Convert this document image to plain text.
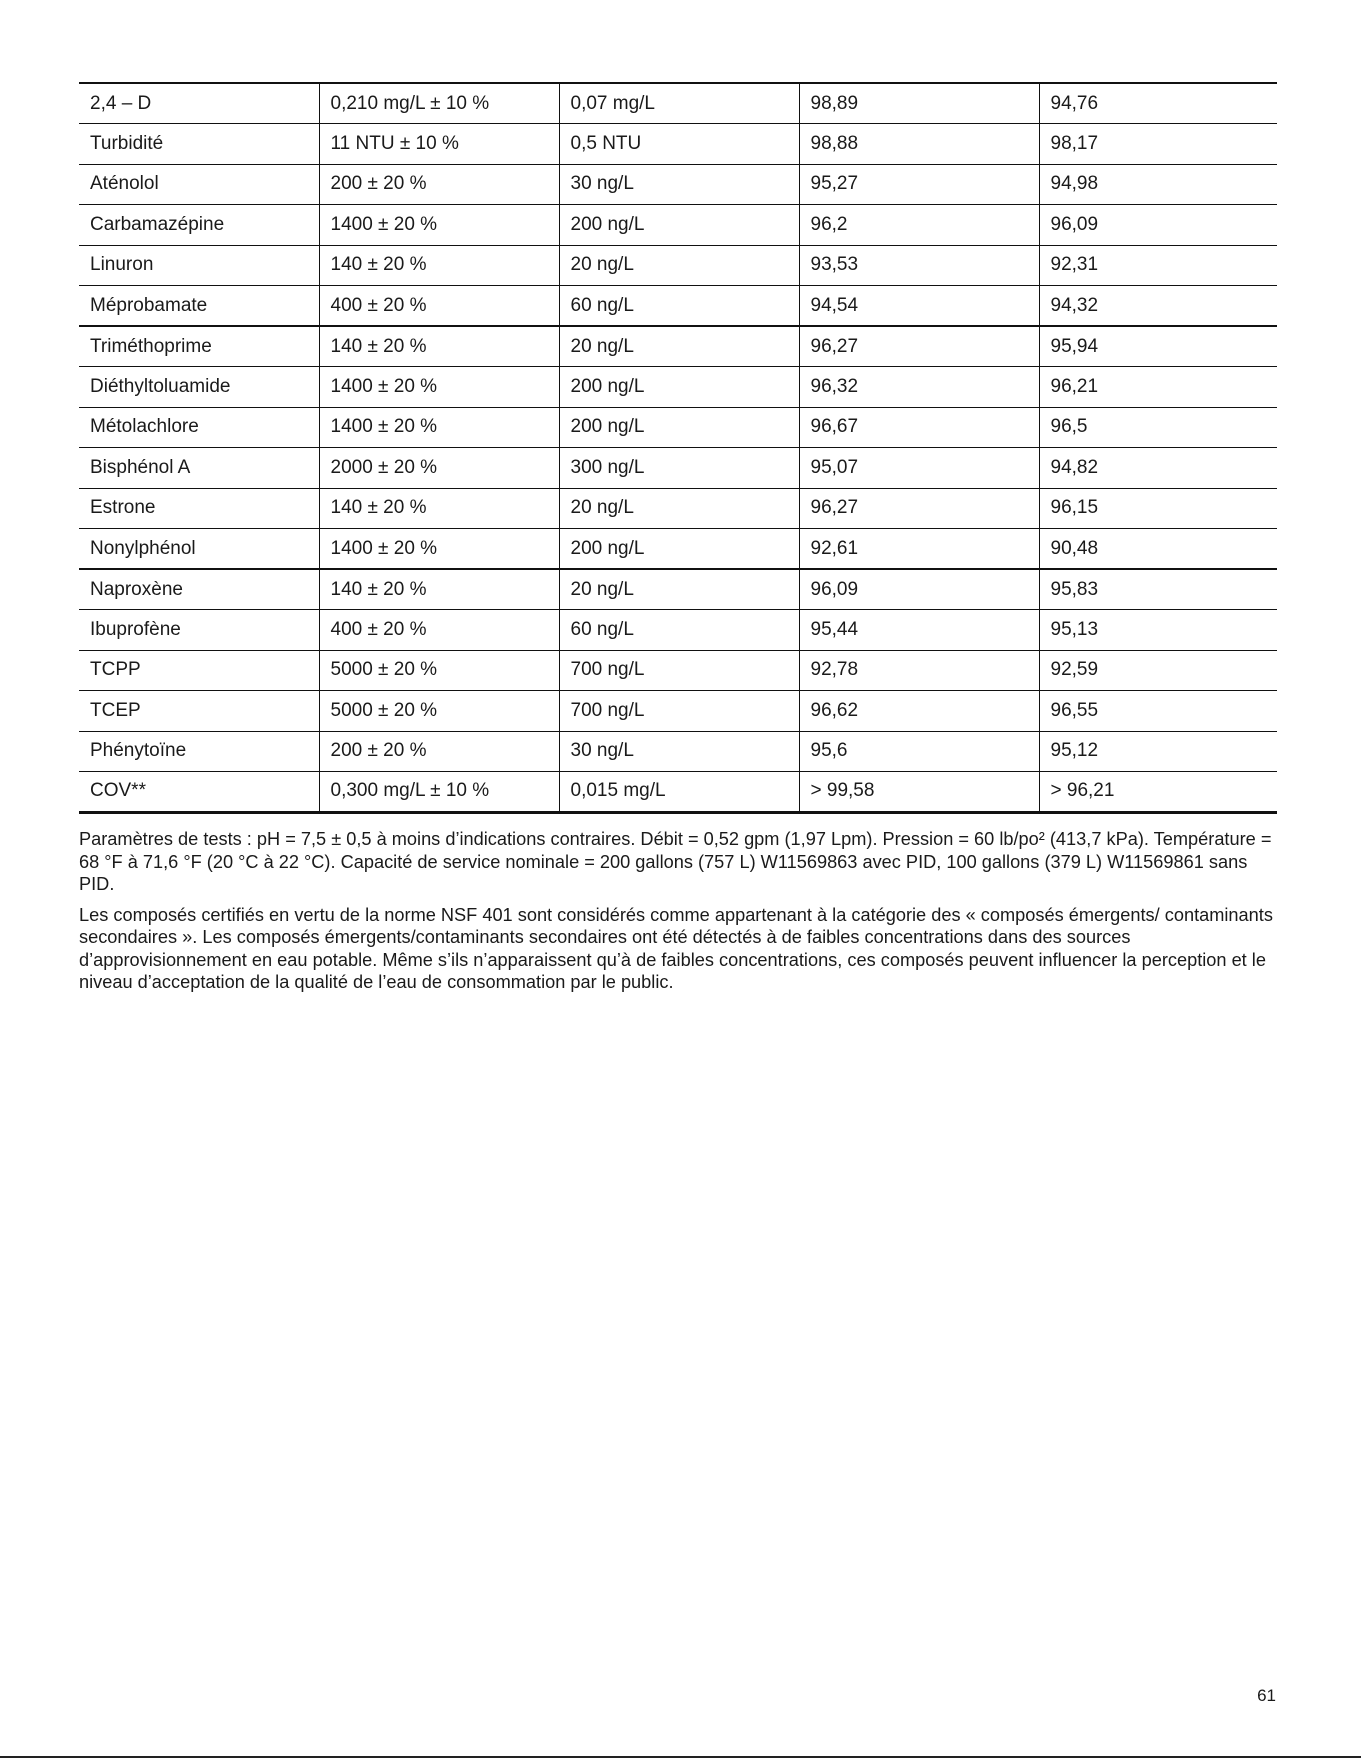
2,4 – D	0,210 mg/L ± 10 %	0,07 mg/L	98,89	94,76
Turbidité	11 NTU ± 10 %	0,5 NTU	98,88	98,17
Aténolol	200 ± 20 %	30 ng/L	95,27	94,98
Carbamazépine	1400 ± 20 %	200 ng/L	96,2	96,09
Linuron	140 ± 20 %	20 ng/L	93,53	92,31
Méprobamate	400 ± 20 %	60 ng/L	94,54	94,32
Triméthoprime	140 ± 20 %	20 ng/L	96,27	95,94
Diéthyltoluamide	1400 ± 20 %	200 ng/L	96,32	96,21
Métolachlore	1400 ± 20 %	200 ng/L	96,67	96,5
Bisphénol A	2000 ± 20 %	300 ng/L	95,07	94,82
Estrone	140 ± 20 %	20 ng/L	96,27	96,15
Nonylphénol	1400 ± 20 %	200 ng/L	92,61	90,48
Naproxène	140 ± 20 %	20 ng/L	96,09	95,83
Ibuprofène	400 ± 20 %	60 ng/L	95,44	95,13
TCPP	5000 ± 20 %	700 ng/L	92,78	92,59
TCEP	5000 ± 20 %	700 ng/L	96,62	96,55
Phénytoïne	200 ± 20 %	30 ng/L	95,6	95,12
COV**	0,300 mg/L ± 10 %	0,015 mg/L	> 99,58	> 96,21

Paramètres de tests : pH = 7,5 ± 0,5 à moins d’indications contraires. Débit = 0,52 gpm (1,97 Lpm). Pression = 60 lb/po² (413,7 kPa). Température = 68 °F à 71,6 °F (20 °C à 22 °C). Capacité de service nominale = 200 gallons (757 L) W11569863 avec PID, 100 gallons (379 L) W11569861 sans PID.

Les composés certifiés en vertu de la norme NSF 401 sont considérés comme appartenant à la catégorie des « composés émergents/ contaminants secondaires ». Les composés émergents/contaminants secondaires ont été détectés à de faibles concentrations dans des sources d’approvisionnement en eau potable. Même s’ils n’apparaissent qu’à de faibles concentrations, ces composés peuvent influencer la perception et le niveau d’acceptation de la qualité de l’eau de consommation par le public.

61
